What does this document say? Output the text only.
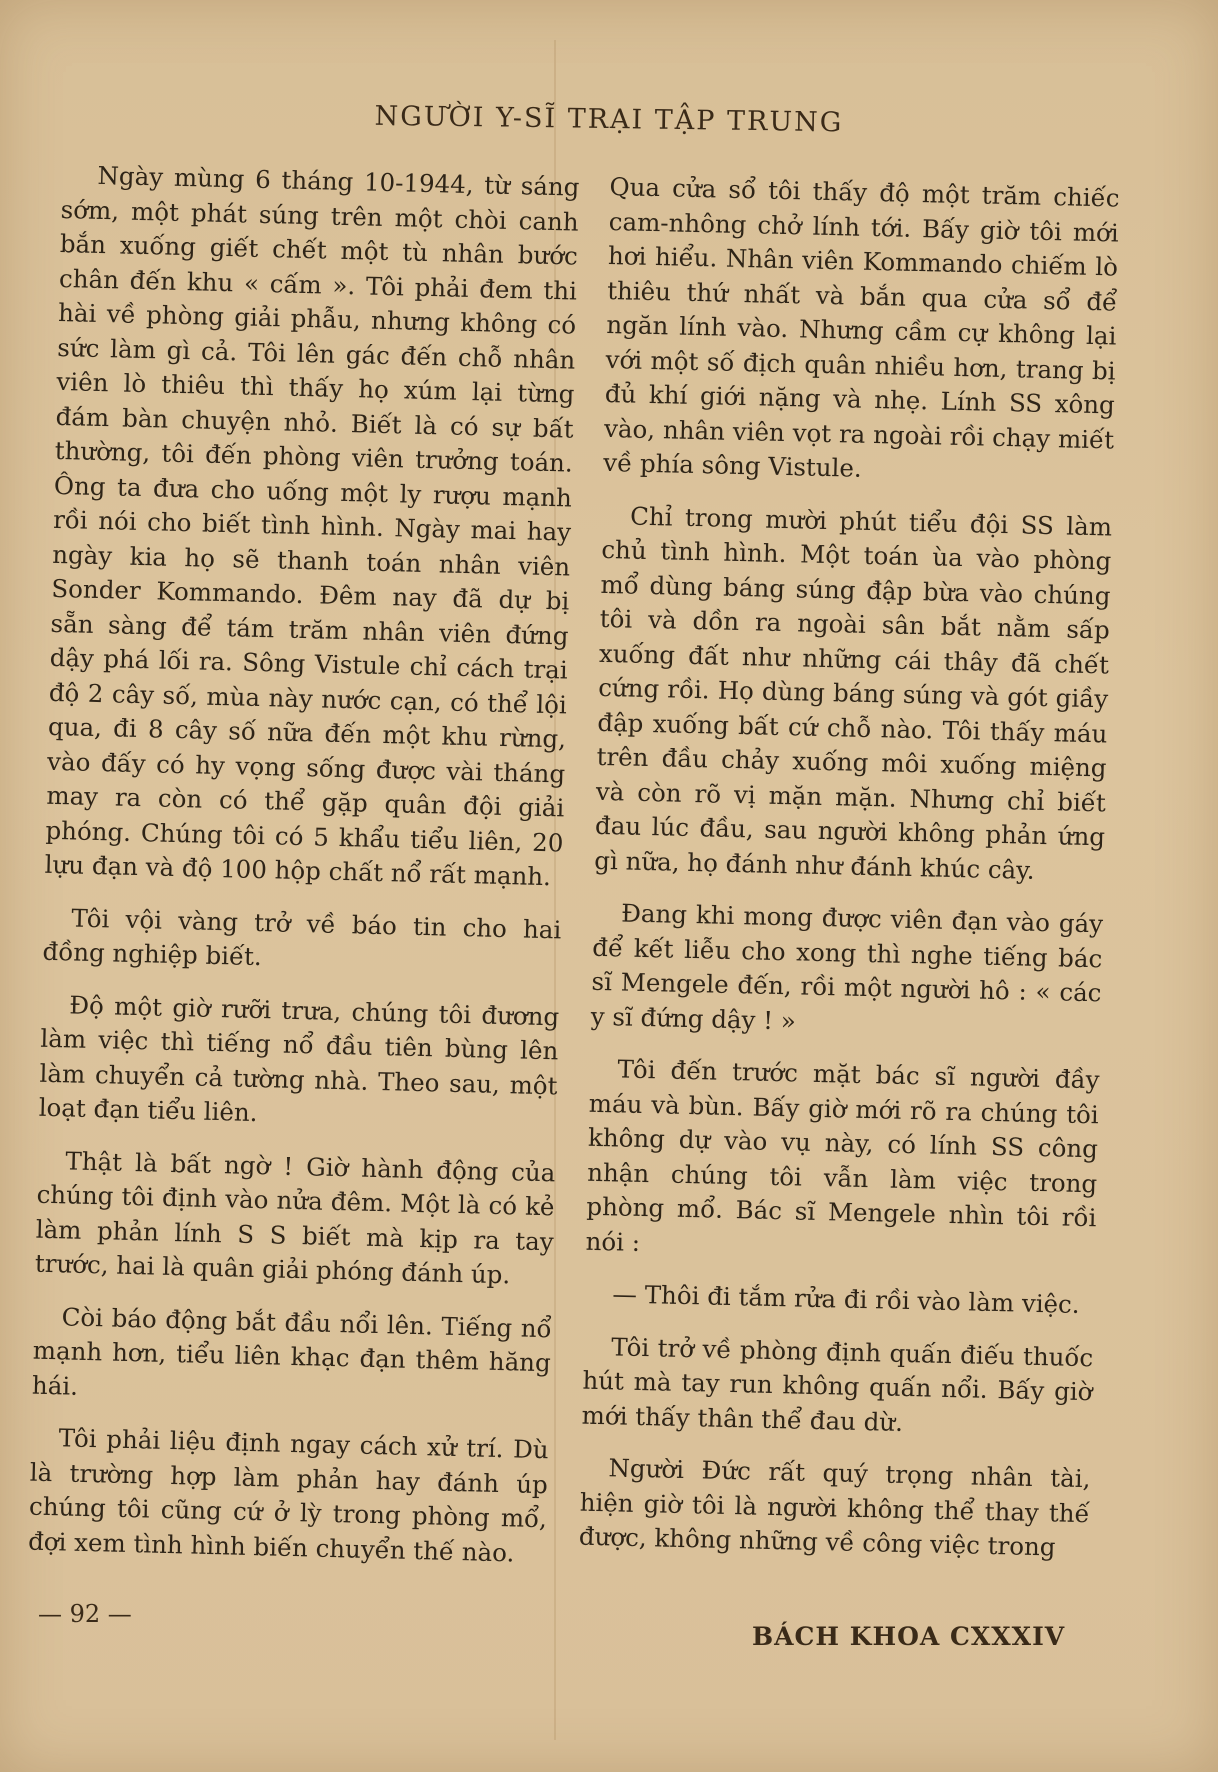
NGƯỜI Y-SĨ TRẠI TẬP TRUNG

Ngày mùng 6 tháng 10-1944, từ sáng sớm, một phát súng trên một chòi canh bắn xuống giết chết một tù nhân bước chân đến khu « cấm ». Tôi phải đem thi hài về phòng giải phẫu, nhưng không có sức làm gì cả. Tôi lên gác đến chỗ nhân viên lò thiêu thì thấy họ xúm lại từng đám bàn chuyện nhỏ. Biết là có sự bất thường, tôi đến phòng viên trưởng toán. Ông ta đưa cho uống một ly rượu mạnh rồi nói cho biết tình hình. Ngày mai hay ngày kia họ sẽ thanh toán nhân viên Sonder Kommando. Đêm nay đã dự bị sẵn sàng để tám trăm nhân viên đứng dậy phá lối ra. Sông Vistule chỉ cách trại độ 2 cây số, mùa này nước cạn, có thể lội qua, đi 8 cây số nữa đến một khu rừng, vào đấy có hy vọng sống được vài tháng may ra còn có thể gặp quân đội giải phóng. Chúng tôi có 5 khẩu tiểu liên, 20 lựu đạn và độ 100 hộp chất nổ rất mạnh.

Tôi vội vàng trở về báo tin cho hai đồng nghiệp biết.

Độ một giờ rưỡi trưa, chúng tôi đương làm việc thì tiếng nổ đầu tiên bùng lên làm chuyển cả tường nhà. Theo sau, một loạt đạn tiểu liên.

Thật là bất ngờ ! Giờ hành động của chúng tôi định vào nửa đêm. Một là có kẻ làm phản lính S S biết mà kịp ra tay trước, hai là quân giải phóng đánh úp.

Còi báo động bắt đầu nổi lên. Tiếng nổ mạnh hơn, tiểu liên khạc đạn thêm hăng hái.

Tôi phải liệu định ngay cách xử trí. Dù là trường hợp làm phản hay đánh úp chúng tôi cũng cứ ở lỳ trong phòng mổ, đợi xem tình hình biến chuyển thế nào.

Qua cửa sổ tôi thấy độ một trăm chiếc cam-nhông chở lính tới. Bấy giờ tôi mới hơi hiểu. Nhân viên Kommando chiếm lò thiêu thứ nhất và bắn qua cửa sổ để ngăn lính vào. Nhưng cầm cự không lại với một số địch quân nhiều hơn, trang bị đủ khí giới nặng và nhẹ. Lính SS xông vào, nhân viên vọt ra ngoài rồi chạy miết về phía sông Vistule.

Chỉ trong mười phút tiểu đội SS làm chủ tình hình. Một toán ùa vào phòng mổ dùng báng súng đập bừa vào chúng tôi và dồn ra ngoài sân bắt nằm sấp xuống đất như những cái thây đã chết cứng rồi. Họ dùng báng súng và gót giầy đập xuống bất cứ chỗ nào. Tôi thấy máu trên đầu chảy xuống môi xuống miệng và còn rõ vị mặn mặn. Nhưng chỉ biết đau lúc đầu, sau người không phản ứng gì nữa, họ đánh như đánh khúc cây.

Đang khi mong được viên đạn vào gáy để kết liễu cho xong thì nghe tiếng bác sĩ Mengele đến, rồi một người hô : « các y sĩ đứng dậy ! »

Tôi đến trước mặt bác sĩ người đầy máu và bùn. Bấy giờ mới rõ ra chúng tôi không dự vào vụ này, có lính SS công nhận chúng tôi vẫn làm việc trong phòng mổ. Bác sĩ Mengele nhìn tôi rồi nói :

— Thôi đi tắm rửa đi rồi vào làm việc.

Tôi trở về phòng định quấn điếu thuốc hút mà tay run không quấn nổi. Bấy giờ mới thấy thân thể đau dừ.

Người Đức rất quý trọng nhân tài, hiện giờ tôi là người không thể thay thế được, không những về công việc trong

— 92 —
BÁCH KHOA CXXXIV
